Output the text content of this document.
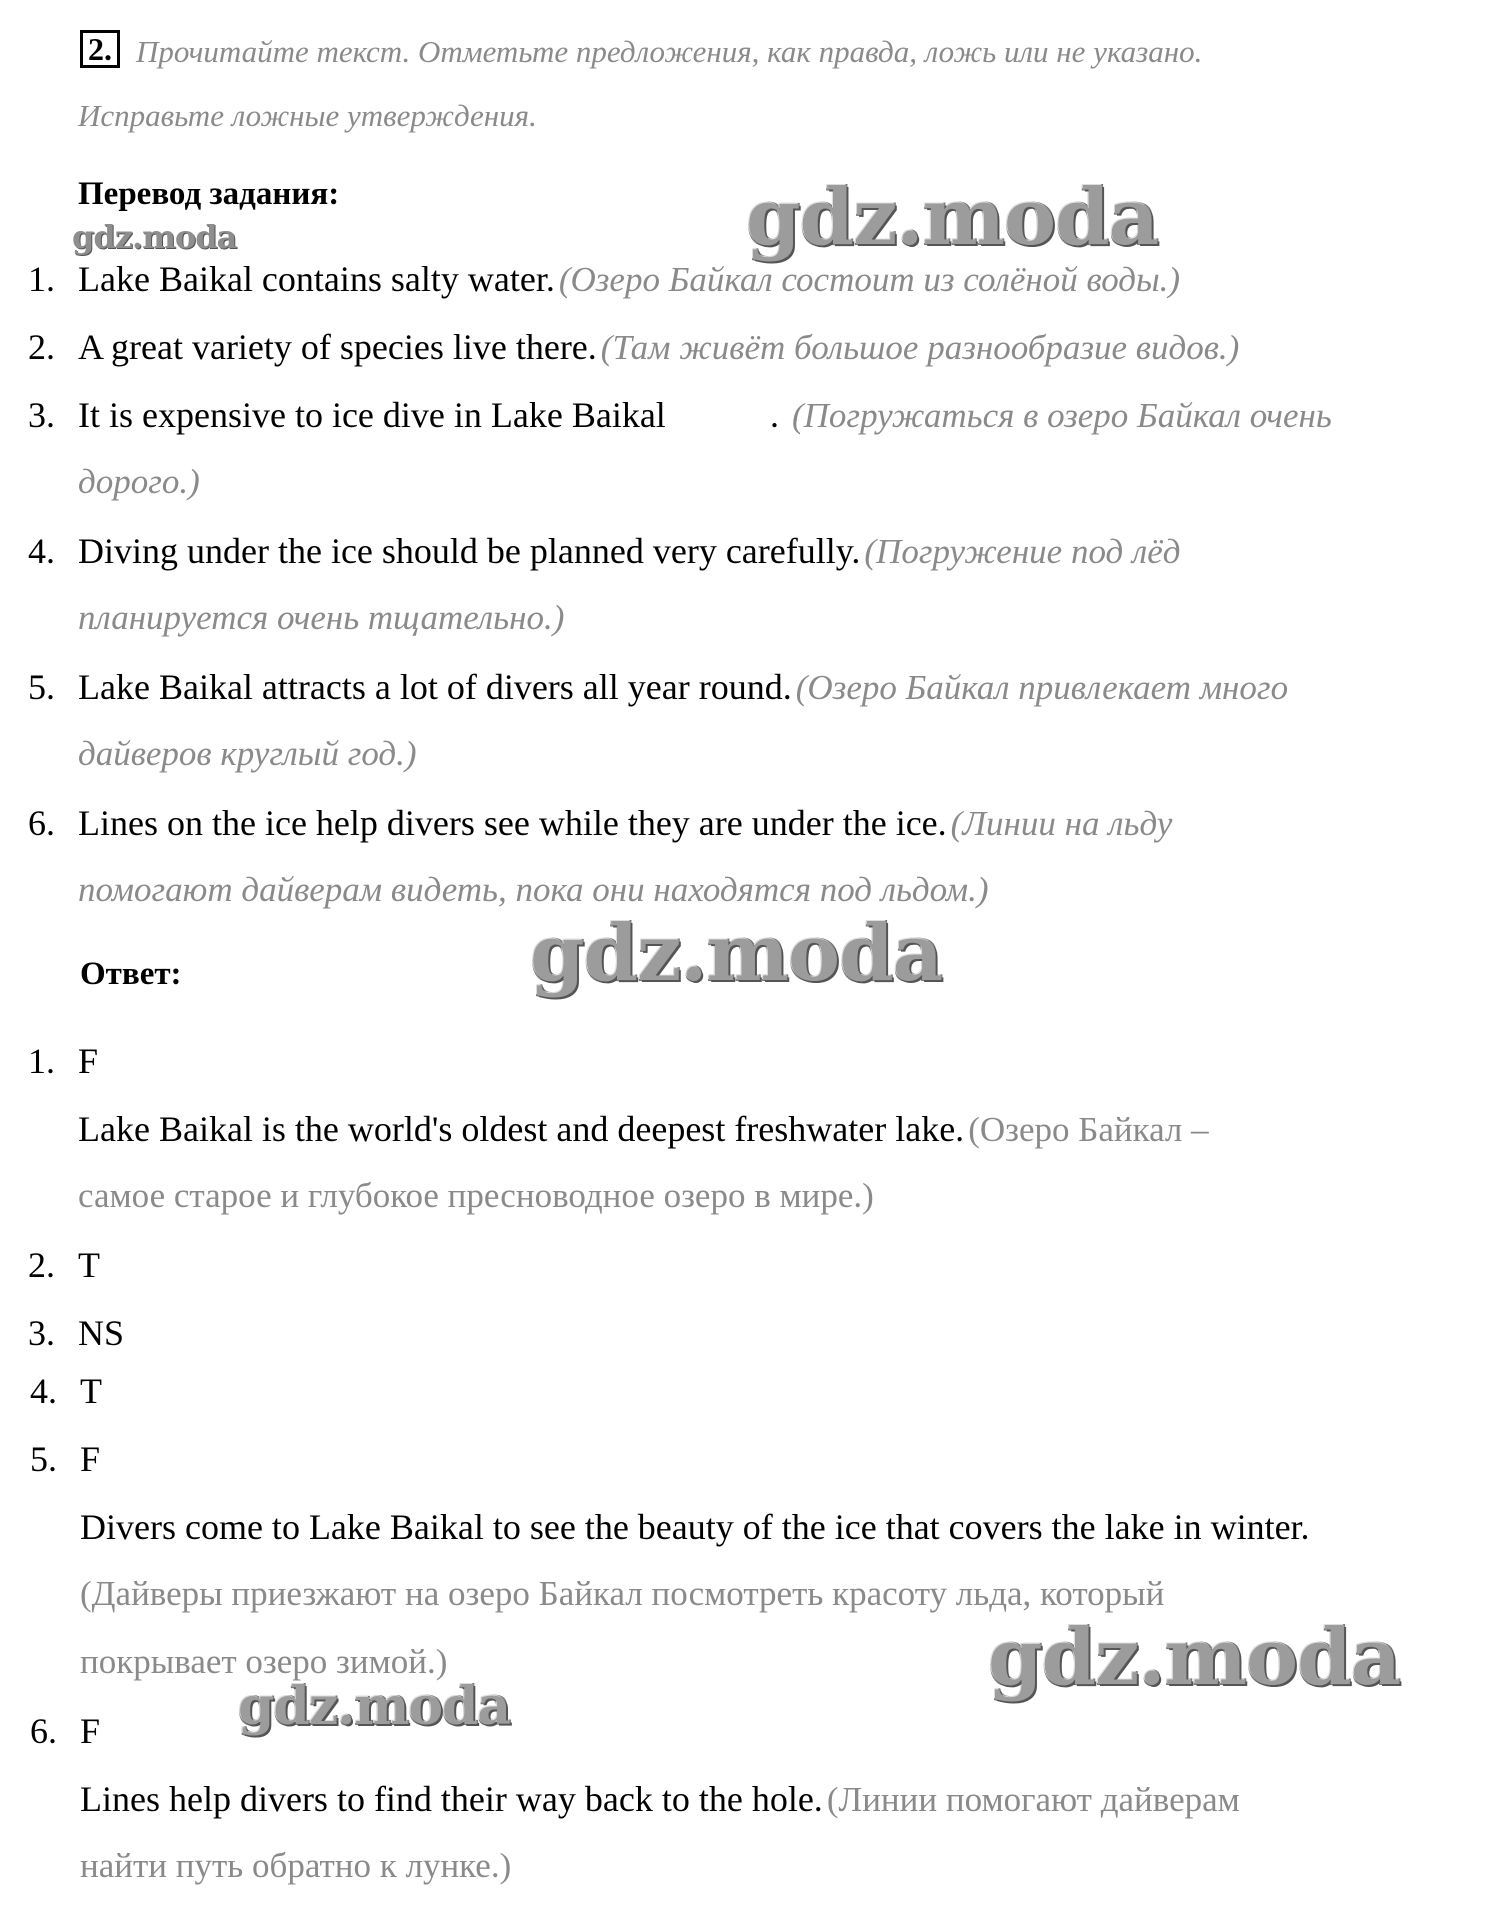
2. Прочитайте текст. Отметьте предложения, как правда, ложь или не указано.
Исправьте ложные утверждения.
Перевод задания:
gdz.moda	gdz.moda
gdz.moda
gdz.moda
gdz.moda
1. Lake Baikal contains salty water. (Озеро Байкал состоит из солёной воды.)
2. A great variety of species live there. (Там живёт большое разнообразие видов.)
3. It is expensive to ice dive in Lake Baikal	. (Погружаться в озеро Байкал очень
дорого.)
4. Diving under the ice should be planned very carefully. (Погружение под лёд
планируется очень тщательно.)
5. Lake Baikal attracts a lot of divers all year round. (Озеро Байкал привлекает много
дайверов круглый год.)
6. Lines on the ice help divers see while they are under the ice. (Линии на льду
помогают дайверам видеть, пока они находятся под льдом.)
Ответ:
1. F
Lake Baikal is the world's oldest and deepest freshwater lake. (Озеро Байкал –
самое старое и глубокое пресноводное озеро в мире.)
2. T
3. NS
4. T
5. F
Divers come to Lake Baikal to see the beauty of the ice that covers the lake in winter.
(Дайверы приезжают на озеро Байкал посмотреть красоту льда, который
покрывает озеро зимой.)
6. F
Lines help divers to find their way back to the hole. (Линии помогают дайверам
найти путь обратно к лунке.)
